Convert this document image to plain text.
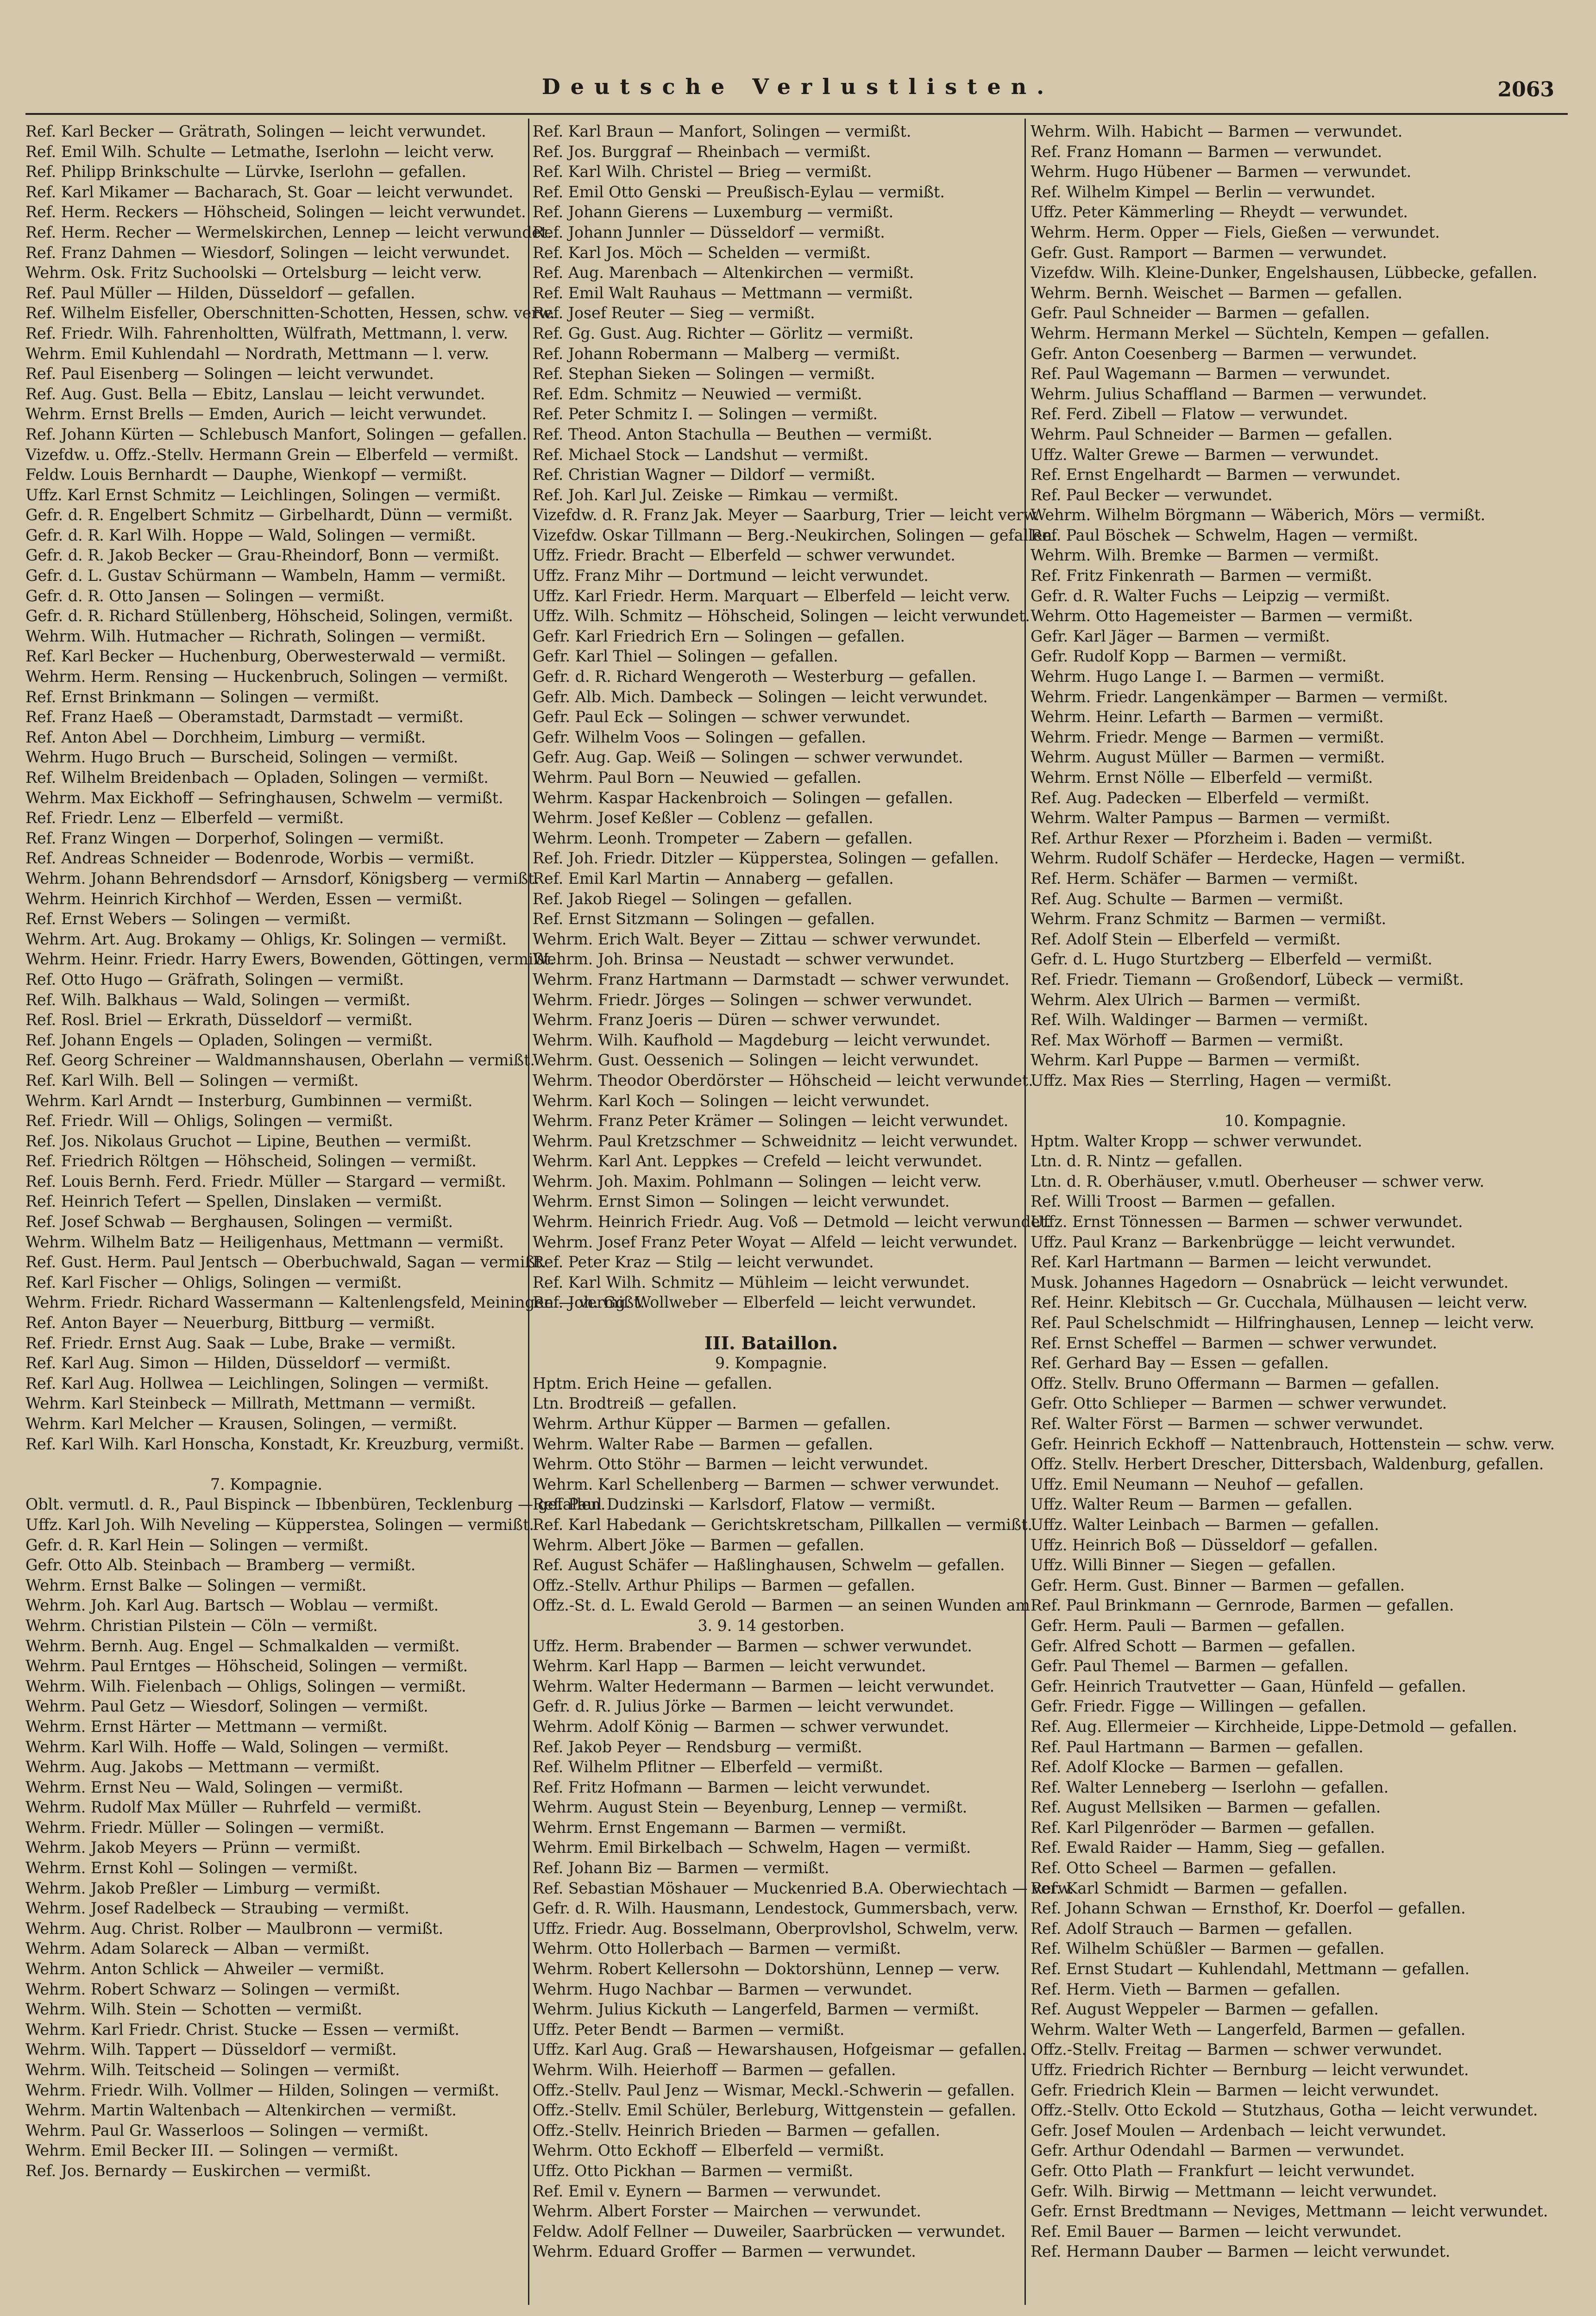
Deutsche Verlustlisten.	2063
Ref. Karl Becker — Grätrath, Solingen — leicht verwundet.
Ref. Emil Wilh. Schulte — Letmathe, Iserlohn — leicht verw.
Ref. Philipp Brinkschulte — Lürvke, Iserlohn — gefallen.
Ref. Karl Mikamer — Bacharach, St. Goar — leicht verwundet.
Ref. Herm. Reckers — Höhscheid, Solingen — leicht verwundet.
Ref. Herm. Recher — Wermelskirchen, Lennep — leicht verwundet.
Ref. Franz Dahmen — Wiesdorf, Solingen — leicht verwundet.
Wehrm. Osk. Fritz Suchoolski — Ortelsburg — leicht verw.
Ref. Paul Müller — Hilden, Düsseldorf — gefallen.
Ref. Wilhelm Eisfeller, Oberschnitten-Schotten, Hessen, schw. verw.
Ref. Friedr. Wilh. Fahrenholtten, Wülfrath, Mettmann, l. verw.
Wehrm. Emil Kuhlendahl — Nordrath, Mettmann — l. verw.
Ref. Paul Eisenberg — Solingen — leicht verwundet.
Ref. Aug. Gust. Bella — Ebitz, Lanslau — leicht verwundet.
Wehrm. Ernst Brells — Emden, Aurich — leicht verwundet.
Ref. Johann Kürten — Schlebusch Manfort, Solingen — gefallen.
Vizefdw. u. Offz.-Stellv. Hermann Grein — Elberfeld — vermißt.
Feldw. Louis Bernhardt — Dauphe, Wienkopf — vermißt.
Uffz. Karl Ernst Schmitz — Leichlingen, Solingen — vermißt.
Gefr. d. R. Engelbert Schmitz — Girbelhardt, Dünn — vermißt.
Gefr. d. R. Karl Wilh. Hoppe — Wald, Solingen — vermißt.
Gefr. d. R. Jakob Becker — Grau-Rheindorf, Bonn — vermißt.
Gefr. d. L. Gustav Schürmann — Wambeln, Hamm — vermißt.
Gefr. d. R. Otto Jansen — Solingen — vermißt.
Gefr. d. R. Richard Stüllenberg, Höhscheid, Solingen, vermißt.
Wehrm. Wilh. Hutmacher — Richrath, Solingen — vermißt.
Ref. Karl Becker — Huchenburg, Oberwesterwald — vermißt.
Wehrm. Herm. Rensing — Huckenbruch, Solingen — vermißt.
Ref. Ernst Brinkmann — Solingen — vermißt.
Ref. Franz Haeß — Oberamstadt, Darmstadt — vermißt.
Ref. Anton Abel — Dorchheim, Limburg — vermißt.
Wehrm. Hugo Bruch — Burscheid, Solingen — vermißt.
Ref. Wilhelm Breidenbach — Opladen, Solingen — vermißt.
Wehrm. Max Eickhoff — Sefringhausen, Schwelm — vermißt.
Ref. Friedr. Lenz — Elberfeld — vermißt.
Ref. Franz Wingen — Dorperhof, Solingen — vermißt.
Ref. Andreas Schneider — Bodenrode, Worbis — vermißt.
Wehrm. Johann Behrendsdorf — Arnsdorf, Königsberg — vermißt.
Wehrm. Heinrich Kirchhof — Werden, Essen — vermißt.
Ref. Ernst Webers — Solingen — vermißt.
Wehrm. Art. Aug. Brokamy — Ohligs, Kr. Solingen — vermißt.
Wehrm. Heinr. Friedr. Harry Ewers, Bowenden, Göttingen, vermißt.
Ref. Otto Hugo — Gräfrath, Solingen — vermißt.
Ref. Wilh. Balkhaus — Wald, Solingen — vermißt.
Ref. Rosl. Briel — Erkrath, Düsseldorf — vermißt.
Ref. Johann Engels — Opladen, Solingen — vermißt.
Ref. Georg Schreiner — Waldmannshausen, Oberlahn — vermißt.
Ref. Karl Wilh. Bell — Solingen — vermißt.
Wehrm. Karl Arndt — Insterburg, Gumbinnen — vermißt.
Ref. Friedr. Will — Ohligs, Solingen — vermißt.
Ref. Jos. Nikolaus Gruchot — Lipine, Beuthen — vermißt.
Ref. Friedrich Röltgen — Höhscheid, Solingen — vermißt.
Ref. Louis Bernh. Ferd. Friedr. Müller — Stargard — vermißt.
Ref. Heinrich Tefert — Spellen, Dinslaken — vermißt.
Ref. Josef Schwab — Berghausen, Solingen — vermißt.
Wehrm. Wilhelm Batz — Heiligenhaus, Mettmann — vermißt.
Ref. Gust. Herm. Paul Jentsch — Oberbuchwald, Sagan — vermißt.
Ref. Karl Fischer — Ohligs, Solingen — vermißt.
Wehrm. Friedr. Richard Wassermann — Kaltenlengsfeld, Meiningen — vermißt.
Ref. Anton Bayer — Neuerburg, Bittburg — vermißt.
Ref. Friedr. Ernst Aug. Saak — Lube, Brake — vermißt.
Ref. Karl Aug. Simon — Hilden, Düsseldorf — vermißt.
Ref. Karl Aug. Hollwea — Leichlingen, Solingen — vermißt.
Wehrm. Karl Steinbeck — Millrath, Mettmann — vermißt.
Wehrm. Karl Melcher — Krausen, Solingen, — vermißt.
Ref. Karl Wilh. Karl Honscha, Konstadt, Kr. Kreuzburg, vermißt.
7. Kompagnie.
Oblt. vermutl. d. R., Paul Bispinck — Ibbenbüren, Tecklenburg — gefallen.
Uffz. Karl Joh. Wilh Neveling — Küpperstea, Solingen — vermißt.
Gefr. d. R. Karl Hein — Solingen — vermißt.
Gefr. Otto Alb. Steinbach — Bramberg — vermißt.
Wehrm. Ernst Balke — Solingen — vermißt.
Wehrm. Joh. Karl Aug. Bartsch — Woblau — vermißt.
Wehrm. Christian Pilstein — Cöln — vermißt.
Wehrm. Bernh. Aug. Engel — Schmalkalden — vermißt.
Wehrm. Paul Erntges — Höhscheid, Solingen — vermißt.
Wehrm. Wilh. Fielenbach — Ohligs, Solingen — vermißt.
Wehrm. Paul Getz — Wiesdorf, Solingen — vermißt.
Wehrm. Ernst Härter — Mettmann — vermißt.
Wehrm. Karl Wilh. Hoffe — Wald, Solingen — vermißt.
Wehrm. Aug. Jakobs — Mettmann — vermißt.
Wehrm. Ernst Neu — Wald, Solingen — vermißt.
Wehrm. Rudolf Max Müller — Ruhrfeld — vermißt.
Wehrm. Friedr. Müller — Solingen — vermißt.
Wehrm. Jakob Meyers — Prünn — vermißt.
Wehrm. Ernst Kohl — Solingen — vermißt.
Wehrm. Jakob Preßler — Limburg — vermißt.
Wehrm. Josef Radelbeck — Straubing — vermißt.
Wehrm. Aug. Christ. Rolber — Maulbronn — vermißt.
Wehrm. Adam Solareck — Alban — vermißt.
Wehrm. Anton Schlick — Ahweiler — vermißt.
Wehrm. Robert Schwarz — Solingen — vermißt.
Wehrm. Wilh. Stein — Schotten — vermißt.
Wehrm. Karl Friedr. Christ. Stucke — Essen — vermißt.
Wehrm. Wilh. Tappert — Düsseldorf — vermißt.
Wehrm. Wilh. Teitscheid — Solingen — vermißt.
Wehrm. Friedr. Wilh. Vollmer — Hilden, Solingen — vermißt.
Wehrm. Martin Waltenbach — Altenkirchen — vermißt.
Wehrm. Paul Gr. Wasserloos — Solingen — vermißt.
Wehrm. Emil Becker III. — Solingen — vermißt.
Ref. Jos. Bernardy — Euskirchen — vermißt.
Ref. Karl Braun — Manfort, Solingen — vermißt.
Ref. Jos. Burggraf — Rheinbach — vermißt.
Ref. Karl Wilh. Christel — Brieg — vermißt.
Ref. Emil Otto Genski — Preußisch-Eylau — vermißt.
Ref. Johann Gierens — Luxemburg — vermißt.
Ref. Johann Junnler — Düsseldorf — vermißt.
Ref. Karl Jos. Möch — Schelden — vermißt.
Ref. Aug. Marenbach — Altenkirchen — vermißt.
Ref. Emil Walt Rauhaus — Mettmann — vermißt.
Ref. Josef Reuter — Sieg — vermißt.
Ref. Gg. Gust. Aug. Richter — Görlitz — vermißt.
Ref. Johann Robermann — Malberg — vermißt.
Ref. Stephan Sieken — Solingen — vermißt.
Ref. Edm. Schmitz — Neuwied — vermißt.
Ref. Peter Schmitz I. — Solingen — vermißt.
Ref. Theod. Anton Stachulla — Beuthen — vermißt.
Ref. Michael Stock — Landshut — vermißt.
Ref. Christian Wagner — Dildorf — vermißt.
Ref. Joh. Karl Jul. Zeiske — Rimkau — vermißt.
Vizefdw. d. R. Franz Jak. Meyer — Saarburg, Trier — leicht verw.
Vizefdw. Oskar Tillmann — Berg.-Neukirchen, Solingen — gefallen.
Uffz. Friedr. Bracht — Elberfeld — schwer verwundet.
Uffz. Franz Mihr — Dortmund — leicht verwundet.
Uffz. Karl Friedr. Herm. Marquart — Elberfeld — leicht verw.
Uffz. Wilh. Schmitz — Höhscheid, Solingen — leicht verwundet.
Gefr. Karl Friedrich Ern — Solingen — gefallen.
Gefr. Karl Thiel — Solingen — gefallen.
Gefr. d. R. Richard Wengeroth — Westerburg — gefallen.
Gefr. Alb. Mich. Dambeck — Solingen — leicht verwundet.
Gefr. Paul Eck — Solingen — schwer verwundet.
Gefr. Wilhelm Voos — Solingen — gefallen.
Gefr. Aug. Gap. Weiß — Solingen — schwer verwundet.
Wehrm. Paul Born — Neuwied — gefallen.
Wehrm. Kaspar Hackenbroich — Solingen — gefallen.
Wehrm. Josef Keßler — Coblenz — gefallen.
Wehrm. Leonh. Trompeter — Zabern — gefallen.
Ref. Joh. Friedr. Ditzler — Küpperstea, Solingen — gefallen.
Ref. Emil Karl Martin — Annaberg — gefallen.
Ref. Jakob Riegel — Solingen — gefallen.
Ref. Ernst Sitzmann — Solingen — gefallen.
Wehrm. Erich Walt. Beyer — Zittau — schwer verwundet.
Wehrm. Joh. Brinsa — Neustadt — schwer verwundet.
Wehrm. Franz Hartmann — Darmstadt — schwer verwundet.
Wehrm. Friedr. Jörges — Solingen — schwer verwundet.
Wehrm. Franz Joeris — Düren — schwer verwundet.
Wehrm. Wilh. Kaufhold — Magdeburg — leicht verwundet.
Wehrm. Gust. Oessenich — Solingen — leicht verwundet.
Wehrm. Theodor Oberdörster — Höhscheid — leicht verwundet.
Wehrm. Karl Koch — Solingen — leicht verwundet.
Wehrm. Franz Peter Krämer — Solingen — leicht verwundet.
Wehrm. Paul Kretzschmer — Schweidnitz — leicht verwundet.
Wehrm. Karl Ant. Leppkes — Crefeld — leicht verwundet.
Wehrm. Joh. Maxim. Pohlmann — Solingen — leicht verw.
Wehrm. Ernst Simon — Solingen — leicht verwundet.
Wehrm. Heinrich Friedr. Aug. Voß — Detmold — leicht verwundet.
Wehrm. Josef Franz Peter Woyat — Alfeld — leicht verwundet.
Ref. Peter Kraz — Stilg — leicht verwundet.
Ref. Karl Wilh. Schmitz — Mühleim — leicht verwundet.
Ref. Joh. Gg. Wollweber — Elberfeld — leicht verwundet.
III. Bataillon.
9. Kompagnie.
Hptm. Erich Heine — gefallen.
Ltn. Brodtreiß — gefallen.
Wehrm. Arthur Küpper — Barmen — gefallen.
Wehrm. Walter Rabe — Barmen — gefallen.
Wehrm. Otto Stöhr — Barmen — leicht verwundet.
Wehrm. Karl Schellenberg — Barmen — schwer verwundet.
Ref. Paul Dudzinski — Karlsdorf, Flatow — vermißt.
Ref. Karl Habedank — Gerichtskretscham, Pillkallen — vermißt.
Wehrm. Albert Jöke — Barmen — gefallen.
Ref. August Schäfer — Haßlinghausen, Schwelm — gefallen.
Offz.-Stellv. Arthur Philips — Barmen — gefallen.
Offz.-St. d. L. Ewald Gerold — Barmen — an seinen Wunden am
3. 9. 14 gestorben.
Uffz. Herm. Brabender — Barmen — schwer verwundet.
Wehrm. Karl Happ — Barmen — leicht verwundet.
Wehrm. Walter Hedermann — Barmen — leicht verwundet.
Gefr. d. R. Julius Jörke — Barmen — leicht verwundet.
Wehrm. Adolf König — Barmen — schwer verwundet.
Ref. Jakob Peyer — Rendsburg — vermißt.
Ref. Wilhelm Pflitner — Elberfeld — vermißt.
Ref. Fritz Hofmann — Barmen — leicht verwundet.
Wehrm. August Stein — Beyenburg, Lennep — vermißt.
Wehrm. Ernst Engemann — Barmen — vermißt.
Wehrm. Emil Birkelbach — Schwelm, Hagen — vermißt.
Ref. Johann Biz — Barmen — vermißt.
Ref. Sebastian Möshauer — Muckenried B.A. Oberwiechtach — verw.
Gefr. d. R. Wilh. Hausmann, Lendestock, Gummersbach, verw.
Uffz. Friedr. Aug. Bosselmann, Oberprovlshol, Schwelm, verw.
Wehrm. Otto Hollerbach — Barmen — vermißt.
Wehrm. Robert Kellersohn — Doktorshünn, Lennep — verw.
Wehrm. Hugo Nachbar — Barmen — verwundet.
Wehrm. Julius Kickuth — Langerfeld, Barmen — vermißt.
Uffz. Peter Bendt — Barmen — vermißt.
Uffz. Karl Aug. Graß — Hewarshausen, Hofgeismar — gefallen.
Wehrm. Wilh. Heierhoff — Barmen — gefallen.
Offz.-Stellv. Paul Jenz — Wismar, Meckl.-Schwerin — gefallen.
Offz.-Stellv. Emil Schüler, Berleburg, Wittgenstein — gefallen.
Offz.-Stellv. Heinrich Brieden — Barmen — gefallen.
Wehrm. Otto Eckhoff — Elberfeld — vermißt.
Uffz. Otto Pickhan — Barmen — vermißt.
Ref. Emil v. Eynern — Barmen — verwundet.
Wehrm. Albert Forster — Mairchen — verwundet.
Feldw. Adolf Fellner — Duweiler, Saarbrücken — verwundet.
Wehrm. Eduard Groffer — Barmen — verwundet.
Wehrm. Wilh. Habicht — Barmen — verwundet.
Ref. Franz Homann — Barmen — verwundet.
Wehrm. Hugo Hübener — Barmen — verwundet.
Ref. Wilhelm Kimpel — Berlin — verwundet.
Uffz. Peter Kämmerling — Rheydt — verwundet.
Wehrm. Herm. Opper — Fiels, Gießen — verwundet.
Gefr. Gust. Ramport — Barmen — verwundet.
Vizefdw. Wilh. Kleine-Dunker, Engelshausen, Lübbecke, gefallen.
Wehrm. Bernh. Weischet — Barmen — gefallen.
Gefr. Paul Schneider — Barmen — gefallen.
Wehrm. Hermann Merkel — Süchteln, Kempen — gefallen.
Gefr. Anton Coesenberg — Barmen — verwundet.
Ref. Paul Wagemann — Barmen — verwundet.
Wehrm. Julius Schaffland — Barmen — verwundet.
Ref. Ferd. Zibell — Flatow — verwundet.
Wehrm. Paul Schneider — Barmen — gefallen.
Uffz. Walter Grewe — Barmen — verwundet.
Ref. Ernst Engelhardt — Barmen — verwundet.
Ref. Paul Becker — verwundet.
Wehrm. Wilhelm Börgmann — Wäberich, Mörs — vermißt.
Ref. Paul Böschek — Schwelm, Hagen — vermißt.
Wehrm. Wilh. Bremke — Barmen — vermißt.
Ref. Fritz Finkenrath — Barmen — vermißt.
Gefr. d. R. Walter Fuchs — Leipzig — vermißt.
Wehrm. Otto Hagemeister — Barmen — vermißt.
Gefr. Karl Jäger — Barmen — vermißt.
Gefr. Rudolf Kopp — Barmen — vermißt.
Wehrm. Hugo Lange I. — Barmen — vermißt.
Wehrm. Friedr. Langenkämper — Barmen — vermißt.
Wehrm. Heinr. Lefarth — Barmen — vermißt.
Wehrm. Friedr. Menge — Barmen — vermißt.
Wehrm. August Müller — Barmen — vermißt.
Wehrm. Ernst Nölle — Elberfeld — vermißt.
Ref. Aug. Padecken — Elberfeld — vermißt.
Wehrm. Walter Pampus — Barmen — vermißt.
Ref. Arthur Rexer — Pforzheim i. Baden — vermißt.
Wehrm. Rudolf Schäfer — Herdecke, Hagen — vermißt.
Ref. Herm. Schäfer — Barmen — vermißt.
Ref. Aug. Schulte — Barmen — vermißt.
Wehrm. Franz Schmitz — Barmen — vermißt.
Ref. Adolf Stein — Elberfeld — vermißt.
Gefr. d. L. Hugo Sturtzberg — Elberfeld — vermißt.
Ref. Friedr. Tiemann — Großendorf, Lübeck — vermißt.
Wehrm. Alex Ulrich — Barmen — vermißt.
Ref. Wilh. Waldinger — Barmen — vermißt.
Ref. Max Wörhoff — Barmen — vermißt.
Wehrm. Karl Puppe — Barmen — vermißt.
Uffz. Max Ries — Sterrling, Hagen — vermißt.
10. Kompagnie.
Hptm. Walter Kropp — schwer verwundet.
Ltn. d. R. Nintz — gefallen.
Ltn. d. R. Oberhäuser, v.mutl. Oberheuser — schwer verw.
Ref. Willi Troost — Barmen — gefallen.
Uffz. Ernst Tönnessen — Barmen — schwer verwundet.
Uffz. Paul Kranz — Barkenbrügge — leicht verwundet.
Ref. Karl Hartmann — Barmen — leicht verwundet.
Musk. Johannes Hagedorn — Osnabrück — leicht verwundet.
Ref. Heinr. Klebitsch — Gr. Cucchala, Mülhausen — leicht verw.
Ref. Paul Schelschmidt — Hilfringhausen, Lennep — leicht verw.
Ref. Ernst Scheffel — Barmen — schwer verwundet.
Ref. Gerhard Bay — Essen — gefallen.
Offz. Stellv. Bruno Offermann — Barmen — gefallen.
Gefr. Otto Schlieper — Barmen — schwer verwundet.
Ref. Walter Först — Barmen — schwer verwundet.
Gefr. Heinrich Eckhoff — Nattenbrauch, Hottenstein — schw. verw.
Offz. Stellv. Herbert Drescher, Dittersbach, Waldenburg, gefallen.
Uffz. Emil Neumann — Neuhof — gefallen.
Uffz. Walter Reum — Barmen — gefallen.
Uffz. Walter Leinbach — Barmen — gefallen.
Uffz. Heinrich Boß — Düsseldorf — gefallen.
Uffz. Willi Binner — Siegen — gefallen.
Gefr. Herm. Gust. Binner — Barmen — gefallen.
Ref. Paul Brinkmann — Gernrode, Barmen — gefallen.
Gefr. Herm. Pauli — Barmen — gefallen.
Gefr. Alfred Schott — Barmen — gefallen.
Gefr. Paul Themel — Barmen — gefallen.
Gefr. Heinrich Trautvetter — Gaan, Hünfeld — gefallen.
Gefr. Friedr. Figge — Willingen — gefallen.
Ref. Aug. Ellermeier — Kirchheide, Lippe-Detmold — gefallen.
Ref. Paul Hartmann — Barmen — gefallen.
Ref. Adolf Klocke — Barmen — gefallen.
Ref. Walter Lenneberg — Iserlohn — gefallen.
Ref. August Mellsiken — Barmen — gefallen.
Ref. Karl Pilgenröder — Barmen — gefallen.
Ref. Ewald Raider — Hamm, Sieg — gefallen.
Ref. Otto Scheel — Barmen — gefallen.
Ref. Karl Schmidt — Barmen — gefallen.
Ref. Johann Schwan — Ernsthof, Kr. Doerfol — gefallen.
Ref. Adolf Strauch — Barmen — gefallen.
Ref. Wilhelm Schüßler — Barmen — gefallen.
Ref. Ernst Studart — Kuhlendahl, Mettmann — gefallen.
Ref. Herm. Vieth — Barmen — gefallen.
Ref. August Weppeler — Barmen — gefallen.
Wehrm. Walter Weth — Langerfeld, Barmen — gefallen.
Offz.-Stellv. Freitag — Barmen — schwer verwundet.
Uffz. Friedrich Richter — Bernburg — leicht verwundet.
Gefr. Friedrich Klein — Barmen — leicht verwundet.
Offz.-Stellv. Otto Eckold — Stutzhaus, Gotha — leicht verwundet.
Gefr. Josef Moulen — Ardenbach — leicht verwundet.
Gefr. Arthur Odendahl — Barmen — verwundet.
Gefr. Otto Plath — Frankfurt — leicht verwundet.
Gefr. Wilh. Birwig — Mettmann — leicht verwundet.
Gefr. Ernst Bredtmann — Neviges, Mettmann — leicht verwundet.
Ref. Emil Bauer — Barmen — leicht verwundet.
Ref. Hermann Dauber — Barmen — leicht verwundet.
